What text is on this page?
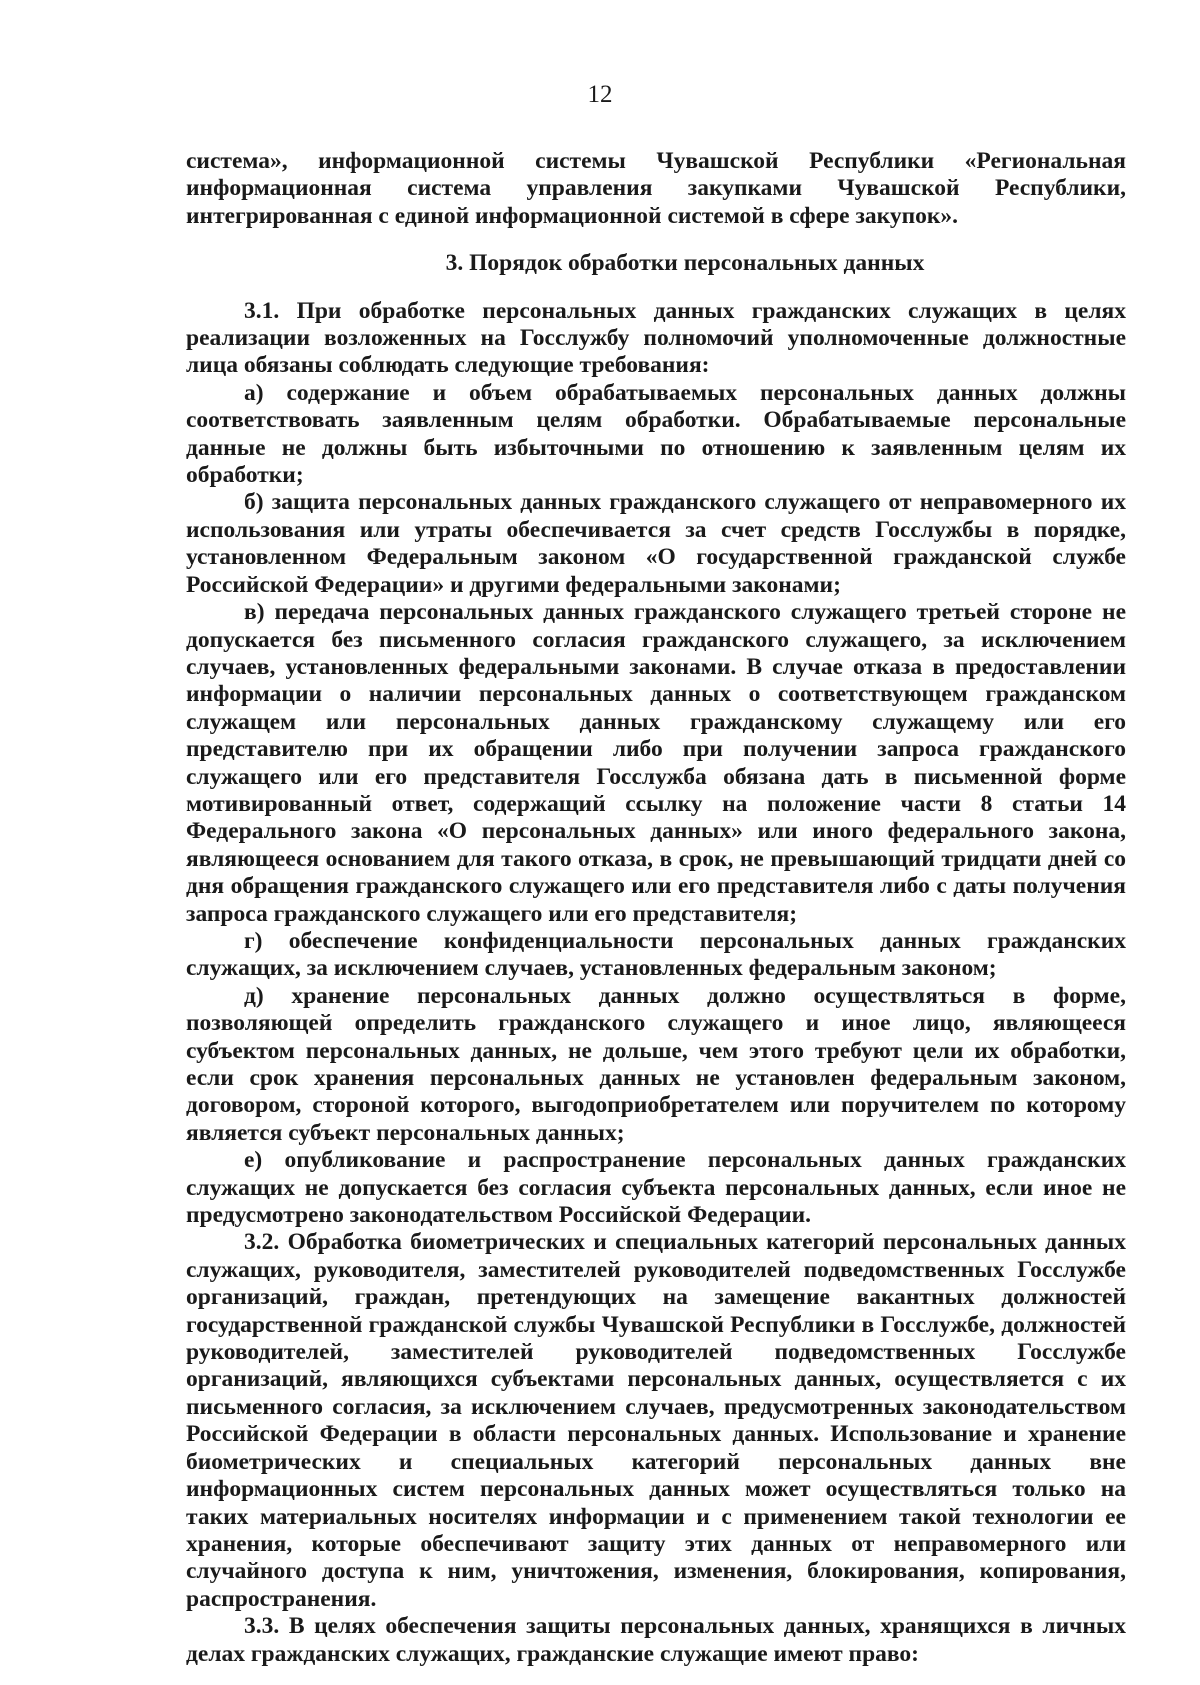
12

система», информационной системы Чувашской Республики «Региональная информационная система управления закупками Чувашской Республики, интегрированная с единой информационной системой в сфере закупок».

3. Порядок обработки персональных данных

3.1. При обработке персональных данных гражданских служащих в целях реализации возложенных на Госслужбу полномочий уполномоченные должностные лица обязаны соблюдать следующие требования:

а) содержание и объем обрабатываемых персональных данных должны соответствовать заявленным целям обработки. Обрабатываемые персональные данные не должны быть избыточными по отношению к заявленным целям их обработки;

б) защита персональных данных гражданского служащего от неправомерного их использования или утраты обеспечивается за счет средств Госслужбы в порядке, установленном Федеральным законом «О государственной гражданской службе Российской Федерации» и другими федеральными законами;

в) передача персональных данных гражданского служащего третьей стороне не допускается без письменного согласия гражданского служащего, за исключением случаев, установленных федеральными законами. В случае отказа в предоставлении информации о наличии персональных данных о соответствующем гражданском служащем или персональных данных гражданскому служащему или его представителю при их обращении либо при получении запроса гражданского служащего или его представителя Госслужба обязана дать в письменной форме мотивированный ответ, содержащий ссылку на положение части 8 статьи 14 Федерального закона «О персональных данных» или иного федерального закона, являющееся основанием для такого отказа, в срок, не превышающий тридцати дней со дня обращения гражданского служащего или его представителя либо с даты получения запроса гражданского служащего или его представителя;

г) обеспечение конфиденциальности персональных данных гражданских служащих, за исключением случаев, установленных федеральным законом;

д) хранение персональных данных должно осуществляться в форме, позволяющей определить гражданского служащего и иное лицо, являющееся субъектом персональных данных, не дольше, чем этого требуют цели их обработки, если срок хранения персональных данных не установлен федеральным законом, договором, стороной которого, выгодоприобретателем или поручителем по которому является субъект персональных данных;

е) опубликование и распространение персональных данных гражданских служащих не допускается без согласия субъекта персональных данных, если иное не предусмотрено законодательством Российской Федерации.

3.2. Обработка биометрических и специальных категорий персональных данных служащих, руководителя, заместителей руководителей подведомственных Госслужбе организаций, граждан, претендующих на замещение вакантных должностей государственной гражданской службы Чувашской Республики в Госслужбе, должностей руководителей, заместителей руководителей подведомственных Госслужбе организаций, являющихся субъектами персональных данных, осуществляется с их письменного согласия, за исключением случаев, предусмотренных законодательством Российской Федерации в области персональных данных. Использование и хранение биометрических и специальных категорий персональных данных вне информационных систем персональных данных может осуществляться только на таких материальных носителях информации и с применением такой технологии ее хранения, которые обеспечивают защиту этих данных от неправомерного или случайного доступа к ним, уничтожения, изменения, блокирования, копирования, распространения.

3.3. В целях обеспечения защиты персональных данных, хранящихся в личных делах гражданских служащих, гражданские служащие имеют право:
